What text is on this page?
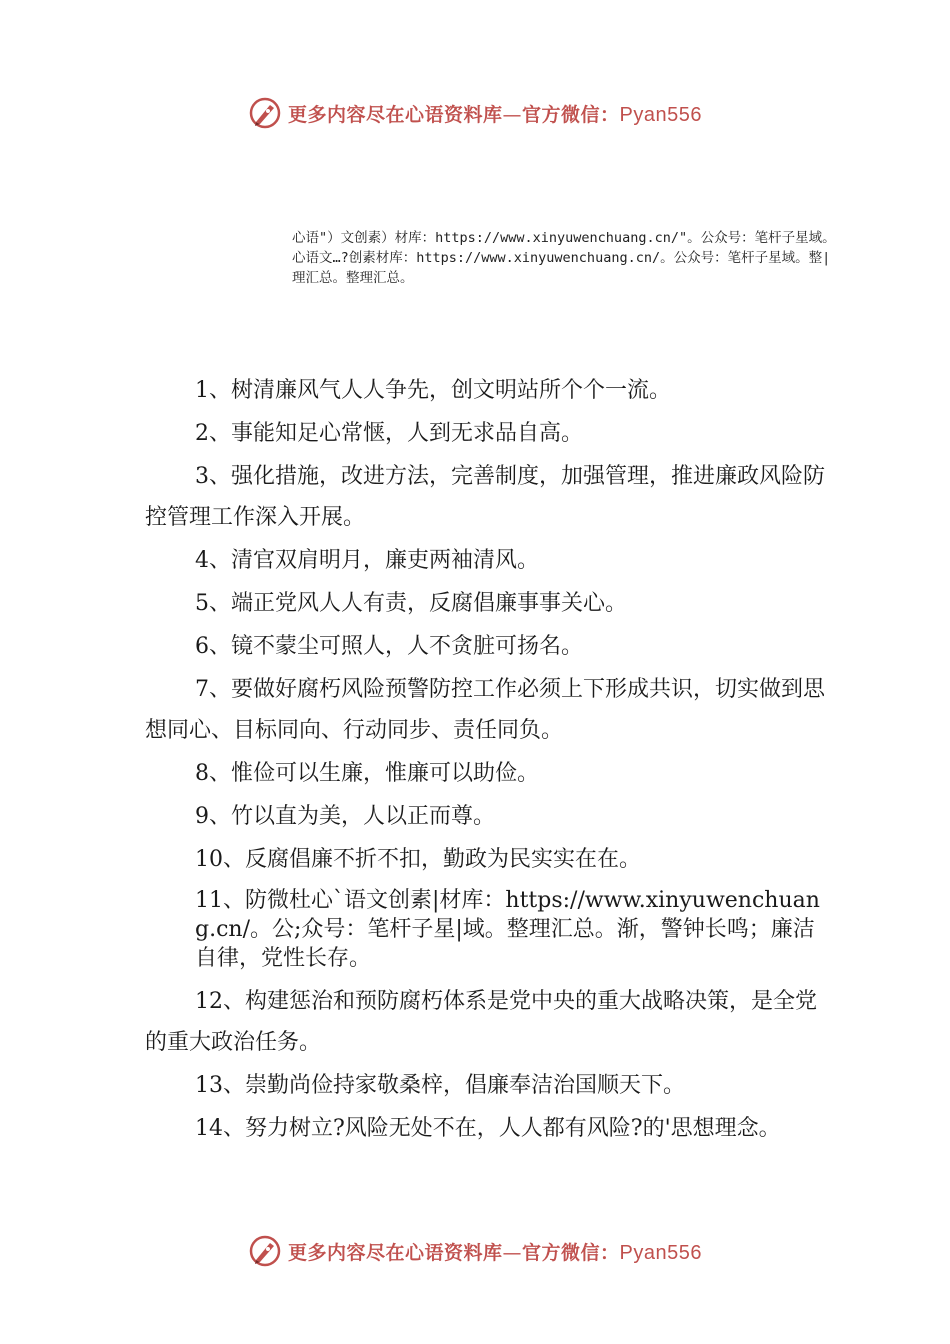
更多内容尽在心语资料库—官方微信：Pyan556
心语"）文创素）材库：https://www.xinyuwenchuang.cn/"。公众号：笔杆子星域。心语文…?创素材库：https://www.xinyuwenchuang.cn/。公众号：笔杆子星域。整|理汇总。整理汇总。

1、树清廉风气人人争先，创文明站所个个一流。

2、事能知足心常惬，人到无求品自高。

3、强化措施，改进方法，完善制度，加强管理，推进廉政风险防控管理工作深入开展。

4、清官双肩明月，廉吏两袖清风。

5、端正党风人人有责，反腐倡廉事事关心。

6、镜不蒙尘可照人，人不贪脏可扬名。

7、要做好腐朽风险预警防控工作必须上下形成共识，切实做到思想同心、目标同向、行动同步、责任同负。

8、惟俭可以生廉，惟廉可以助俭。

9、竹以直为美，人以正而尊。

10、反腐倡廉不折不扣，勤政为民实实在在。

11、防微杜心`语文创素|材库：https://www.xinyuwenchuang.cn/。公;众号：笔杆子星|域。整理汇总。渐，警钟长鸣；廉洁自律，党性长存。

12、构建惩治和预防腐朽体系是党中央的重大战略决策，是全党的重大政治任务。

13、崇勤尚俭持家敬桑梓，倡廉奉洁治国顺天下。

14、努力树立?风险无处不在，人人都有风险?的'思想理念。

更多内容尽在心语资料库—官方微信：Pyan556
